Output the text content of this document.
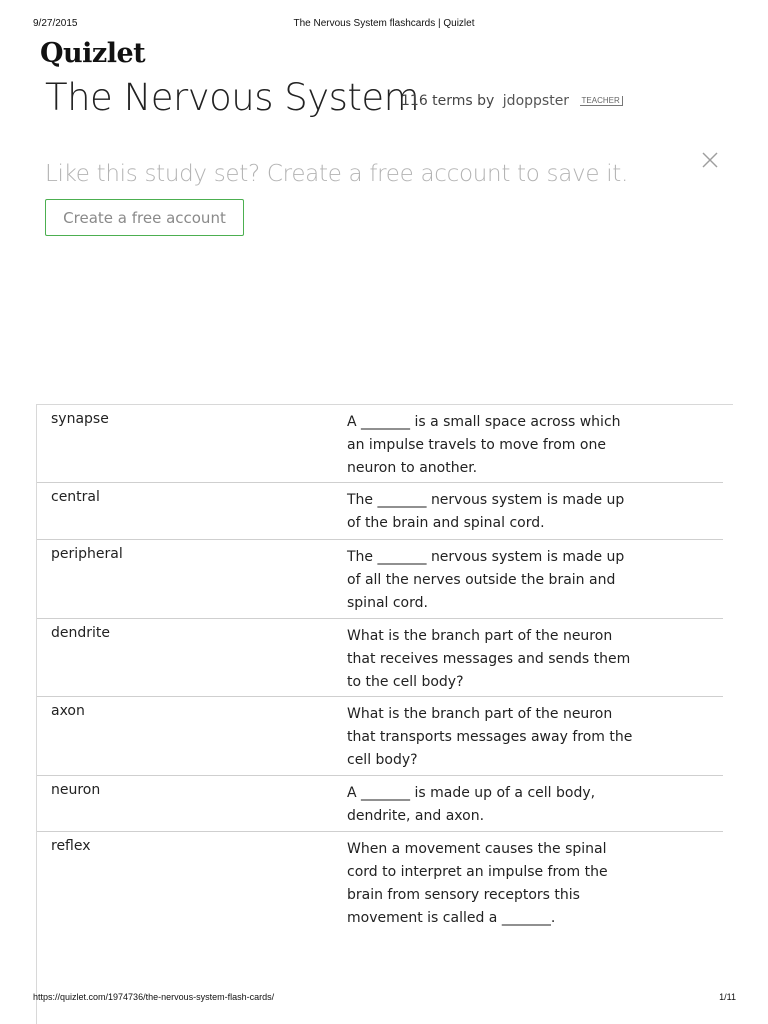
9/27/2015	The Nervous System flashcards | Quizlet
Quizlet
The Nervous System
116 terms by jdoppster TEACHER
Like this study set? Create a free account to save it.
Create a free account
synapse	A _______ is a small space across which an impulse travels to move from one neuron to another.
central	The _______ nervous system is made up of the brain and spinal cord.
peripheral	The _______ nervous system is made up of all the nerves outside the brain and spinal cord.
dendrite	What is the branch part of the neuron that receives messages and sends them to the cell body?
axon	What is the branch part of the neuron that transports messages away from the cell body?
neuron	A _______ is made up of a cell body, dendrite, and axon.
reflex	When a movement causes the spinal cord to interpret an impulse from the brain from sensory receptors this movement is called a _______.
https://quizlet.com/1974736/the-nervous-system-flash-cards/	1/11
